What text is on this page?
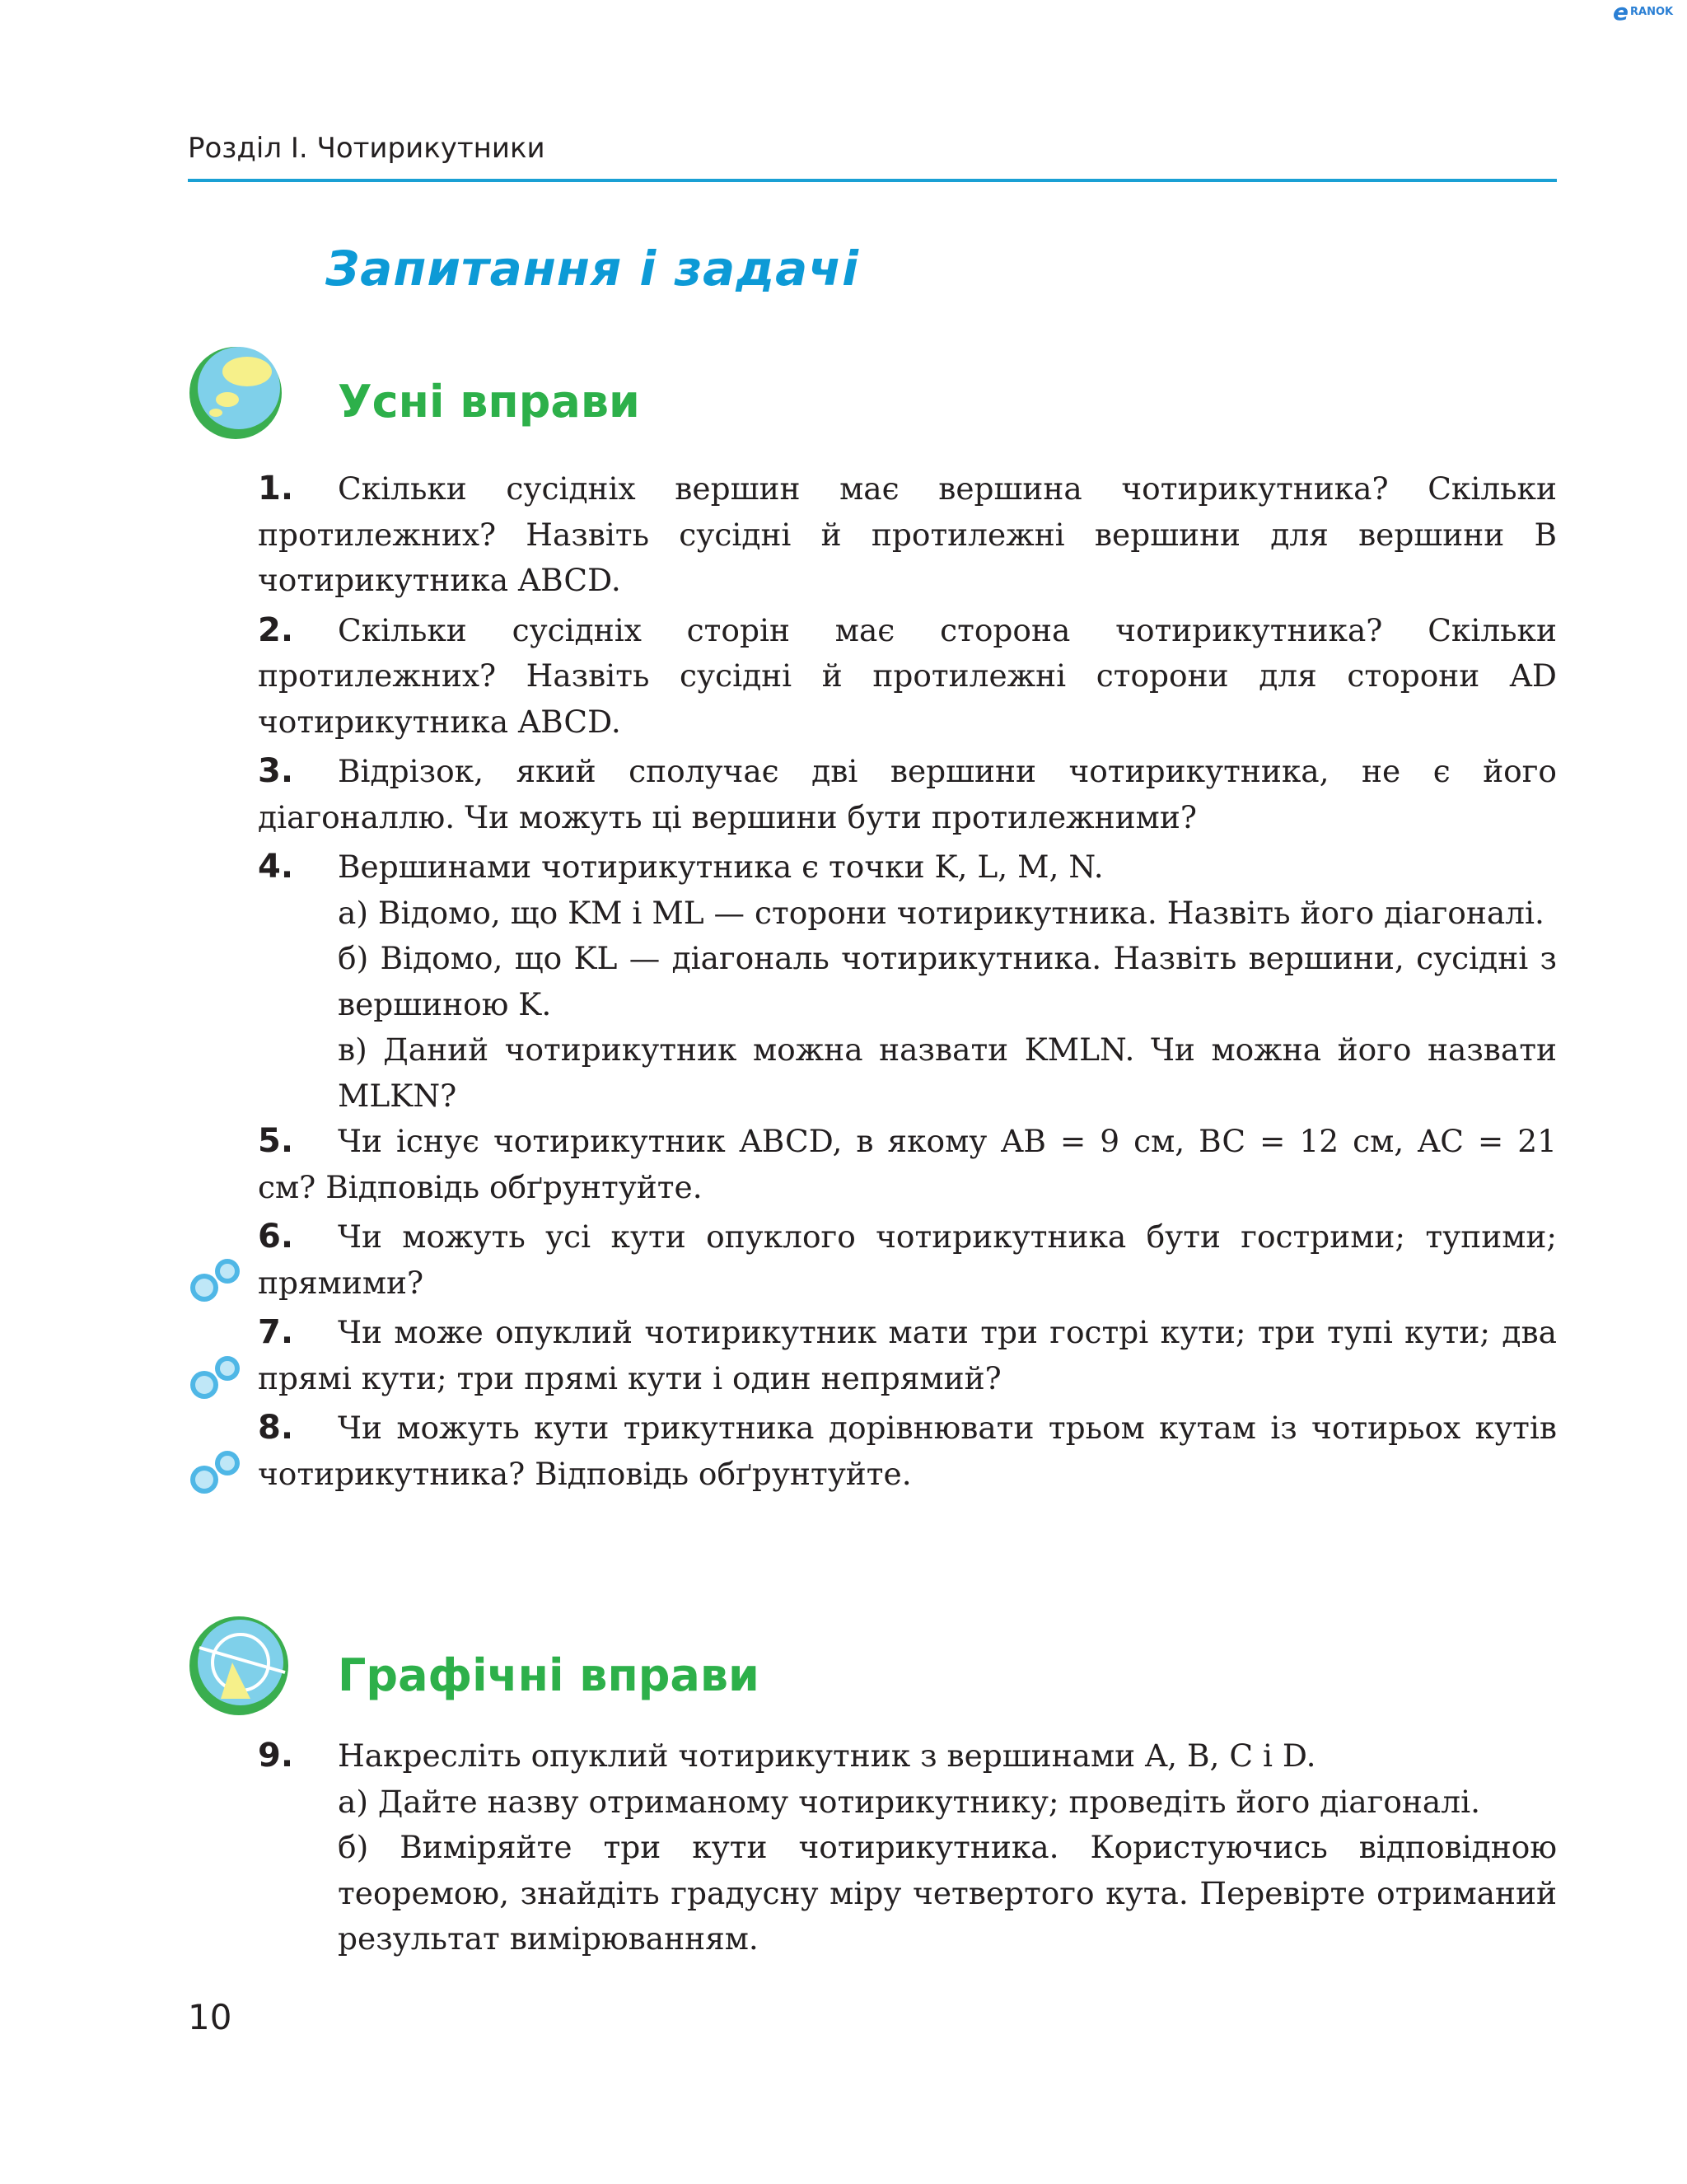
e RANOK
Розділ І. Чотирикутники
Запитання і задачі
Усні вправи

1. Скільки сусідніх вершин має вершина чотирикутника? Скільки протилежних? Назвіть сусідні й протилежні вершини для вершини B чотирикутника ABCD.

2. Скільки сусідніх сторін має сторона чотирикутника? Скільки протилежних? Назвіть сусідні й протилежні сторони для сторони AD чотирикутника ABCD.

3. Відрізок, який сполучає дві вершини чотирикутника, не є його діагоналлю. Чи можуть ці вершини бути протилежними?

4. Вершинами чотирикутника є точки K, L, M, N.

а) Відомо, що KM і ML — сторони чотирикутника. Назвіть його діагоналі.

б) Відомо, що KL — діагональ чотирикутника. Назвіть вершини, сусідні з вершиною K.

в) Даний чотирикутник можна назвати KMLN. Чи можна його назвати MLKN?

5. Чи існує чотирикутник ABCD, в якому AB = 9 см, BC = 12 см, AC = 21 см? Відповідь обґрунтуйте.

6. Чи можуть усі кути опуклого чотирикутника бути гострими; тупими; прямими?

7. Чи може опуклий чотирикутник мати три гострі кути; три тупі кути; два прямі кути; три прямі кути і один непрямий?

8. Чи можуть кути трикутника дорівнювати трьом кутам із чотирьох кутів чотирикутника? Відповідь обґрунтуйте.

Графічні вправи

9. Накресліть опуклий чотирикутник з вершинами A, B, C і D.

а) Дайте назву отриманому чотирикутнику; проведіть його діагоналі.

б) Виміряйте три кути чотирикутника. Користуючись відповідною теоремою, знайдіть градусну міру четвертого кута. Перевірте отриманий результат вимірюванням.

10
